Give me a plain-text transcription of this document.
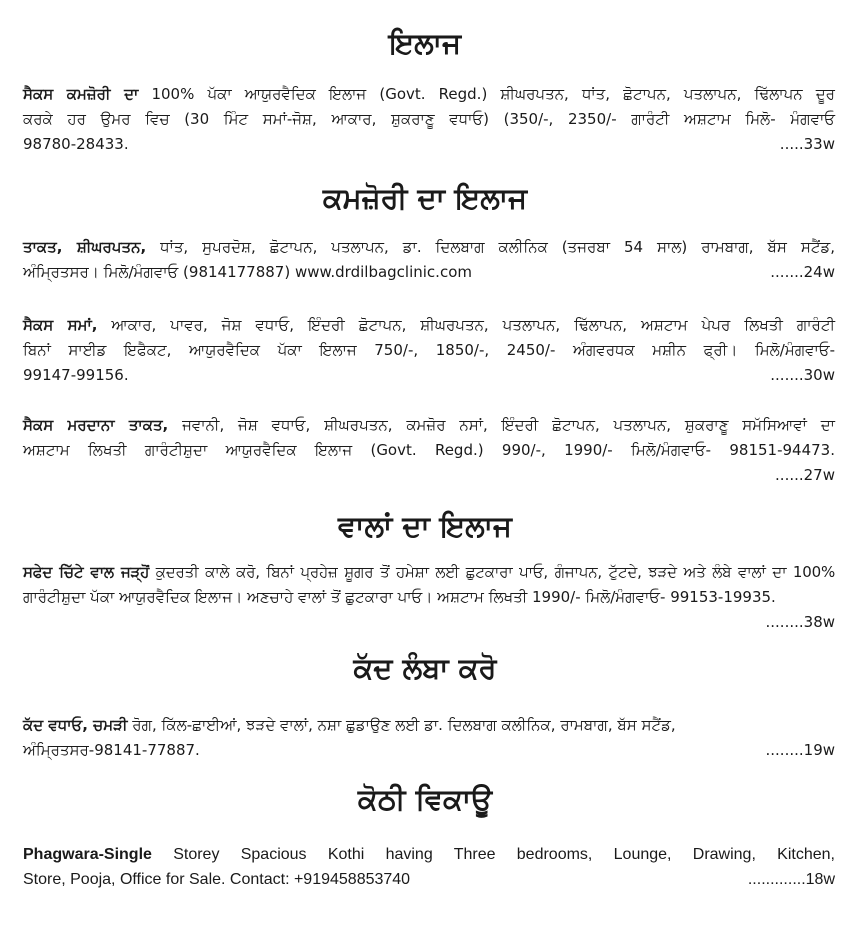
ਇਲਾਜ
ਸੈਕਸ ਕਮਜ਼ੋਰੀ ਦਾ 100% ਪੱਕਾ ਆਯੁਰਵੈਦਿਕ ਇਲਾਜ (Govt. Regd.) ਸ਼ੀਘਰਪਤਨ, ਧਾਂਤ, ਛੋਟਾਪਨ, ਪਤਲਾਪਨ, ਢਿੱਲਾਪਨ ਦੂਰ
ਕਰਕੇ ਹਰ ਉਮਰ ਵਿਚ (30 ਮਿੰਟ ਸਮਾਂ-ਜੋਸ਼, ਆਕਾਰ, ਸ਼ੁਕਰਾਣੂ ਵਧਾਓ) (350/-, 2350/- ਗਾਰੰਟੀ ਅਸ਼ਟਾਮ ਮਿਲੋ- ਮੰਗਵਾਓ
98780-28433.	.....33w
ਕਮਜ਼ੋਰੀ ਦਾ ਇਲਾਜ
ਤਾਕਤ, ਸ਼ੀਘਰਪਤਨ, ਧਾਂਤ, ਸੁਪਰਦੋਸ਼, ਛੋਟਾਪਨ, ਪਤਲਾਪਨ, ਡਾ. ਦਿਲਬਾਗ ਕਲੀਨਿਕ (ਤਜਰਬਾ 54 ਸਾਲ) ਰਾਮਬਾਗ, ਬੱਸ ਸਟੈਂਡ,
ਅੰਮ੍ਰਿਤਸਰ। ਮਿਲੋ/ਮੰਗਵਾਓ (9814177887) www.drdilbagclinic.com	.......24w
ਸੈਕਸ ਸਮਾਂ, ਆਕਾਰ, ਪਾਵਰ, ਜੋਸ਼ ਵਧਾਓ, ਇੰਦਰੀ ਛੋਟਾਪਨ, ਸ਼ੀਘਰਪਤਨ, ਪਤਲਾਪਨ, ਢਿੱਲਾਪਨ, ਅਸ਼ਟਾਮ ਪੇਪਰ ਲਿਖਤੀ ਗਾਰੰਟੀ
ਬਿਨਾਂ ਸਾਈਡ ਇਫੈਕਟ, ਆਯੁਰਵੈਦਿਕ ਪੱਕਾ ਇਲਾਜ 750/-, 1850/-, 2450/- ਅੰਗਵਰਧਕ ਮਸ਼ੀਨ ਫ੍ਰੀ। ਮਿਲੋ/ਮੰਗਵਾਓ-
99147-99156.	.......30w
ਸੈਕਸ ਮਰਦਾਨਾ ਤਾਕਤ, ਜਵਾਨੀ, ਜੋਸ਼ ਵਧਾਓ, ਸ਼ੀਘਰਪਤਨ, ਕਮਜ਼ੋਰ ਨਸਾਂ, ਇੰਦਰੀ ਛੋਟਾਪਨ, ਪਤਲਾਪਨ, ਸ਼ੁਕਰਾਣੂ ਸਮੱਸਿਆਵਾਂ ਦਾ
ਅਸ਼ਟਾਮ ਲਿਖਤੀ ਗਾਰੰਟੀਸ਼ੁਦਾ ਆਯੁਰਵੈਦਿਕ ਇਲਾਜ (Govt. Regd.) 990/-, 1990/- ਮਿਲੋ/ਮੰਗਵਾਓ- 98151-94473.
......27w
ਵਾਲਾਂ ਦਾ ਇਲਾਜ
ਸਫੇਦ ਚਿੱਟੇ ਵਾਲ ਜੜ੍ਹੋਂ ਕੁਦਰਤੀ ਕਾਲੇ ਕਰੋ, ਬਿਨਾਂ ਪ੍ਰਹੇਜ਼ ਸ਼ੂਗਰ ਤੋਂ ਹਮੇਸ਼ਾ ਲਈ ਛੁਟਕਾਰਾ ਪਾਓ, ਗੰਜਾਪਨ, ਟੁੱਟਦੇ, ਝੜਦੇ ਅਤੇ ਲੰਬੇ ਵਾਲਾਂ ਦਾ 100%
ਗਾਰੰਟੀਸ਼ੁਦਾ ਪੱਕਾ ਆਯੁਰਵੈਦਿਕ ਇਲਾਜ। ਅਣਚਾਹੇ ਵਾਲਾਂ ਤੋਂ ਛੁਟਕਾਰਾ ਪਾਓ। ਅਸ਼ਟਾਮ ਲਿਖਤੀ 1990/- ਮਿਲੋ/ਮੰਗਵਾਓ- 99153-19935.
........38w
ਕੱਦ ਲੰਬਾ ਕਰੋ
ਕੱਦ ਵਧਾਓ, ਚਮੜੀ ਰੋਗ, ਕਿੱਲ-ਛਾਈਆਂ, ਝੜਦੇ ਵਾਲਾਂ, ਨਸ਼ਾ ਛੁਡਾਉਣ ਲਈ ਡਾ. ਦਿਲਬਾਗ ਕਲੀਨਿਕ, ਰਾਮਬਾਗ, ਬੱਸ ਸਟੈਂਡ,
ਅੰਮ੍ਰਿਤਸਰ-98141-77887.	........19w
ਕੋਠੀ ਵਿਕਾਊ
Phagwara-Single Storey Spacious Kothi having Three bedrooms, Lounge, Drawing, Kitchen,
Store, Pooja, Office for Sale. Contact: +919458853740	.............18w
